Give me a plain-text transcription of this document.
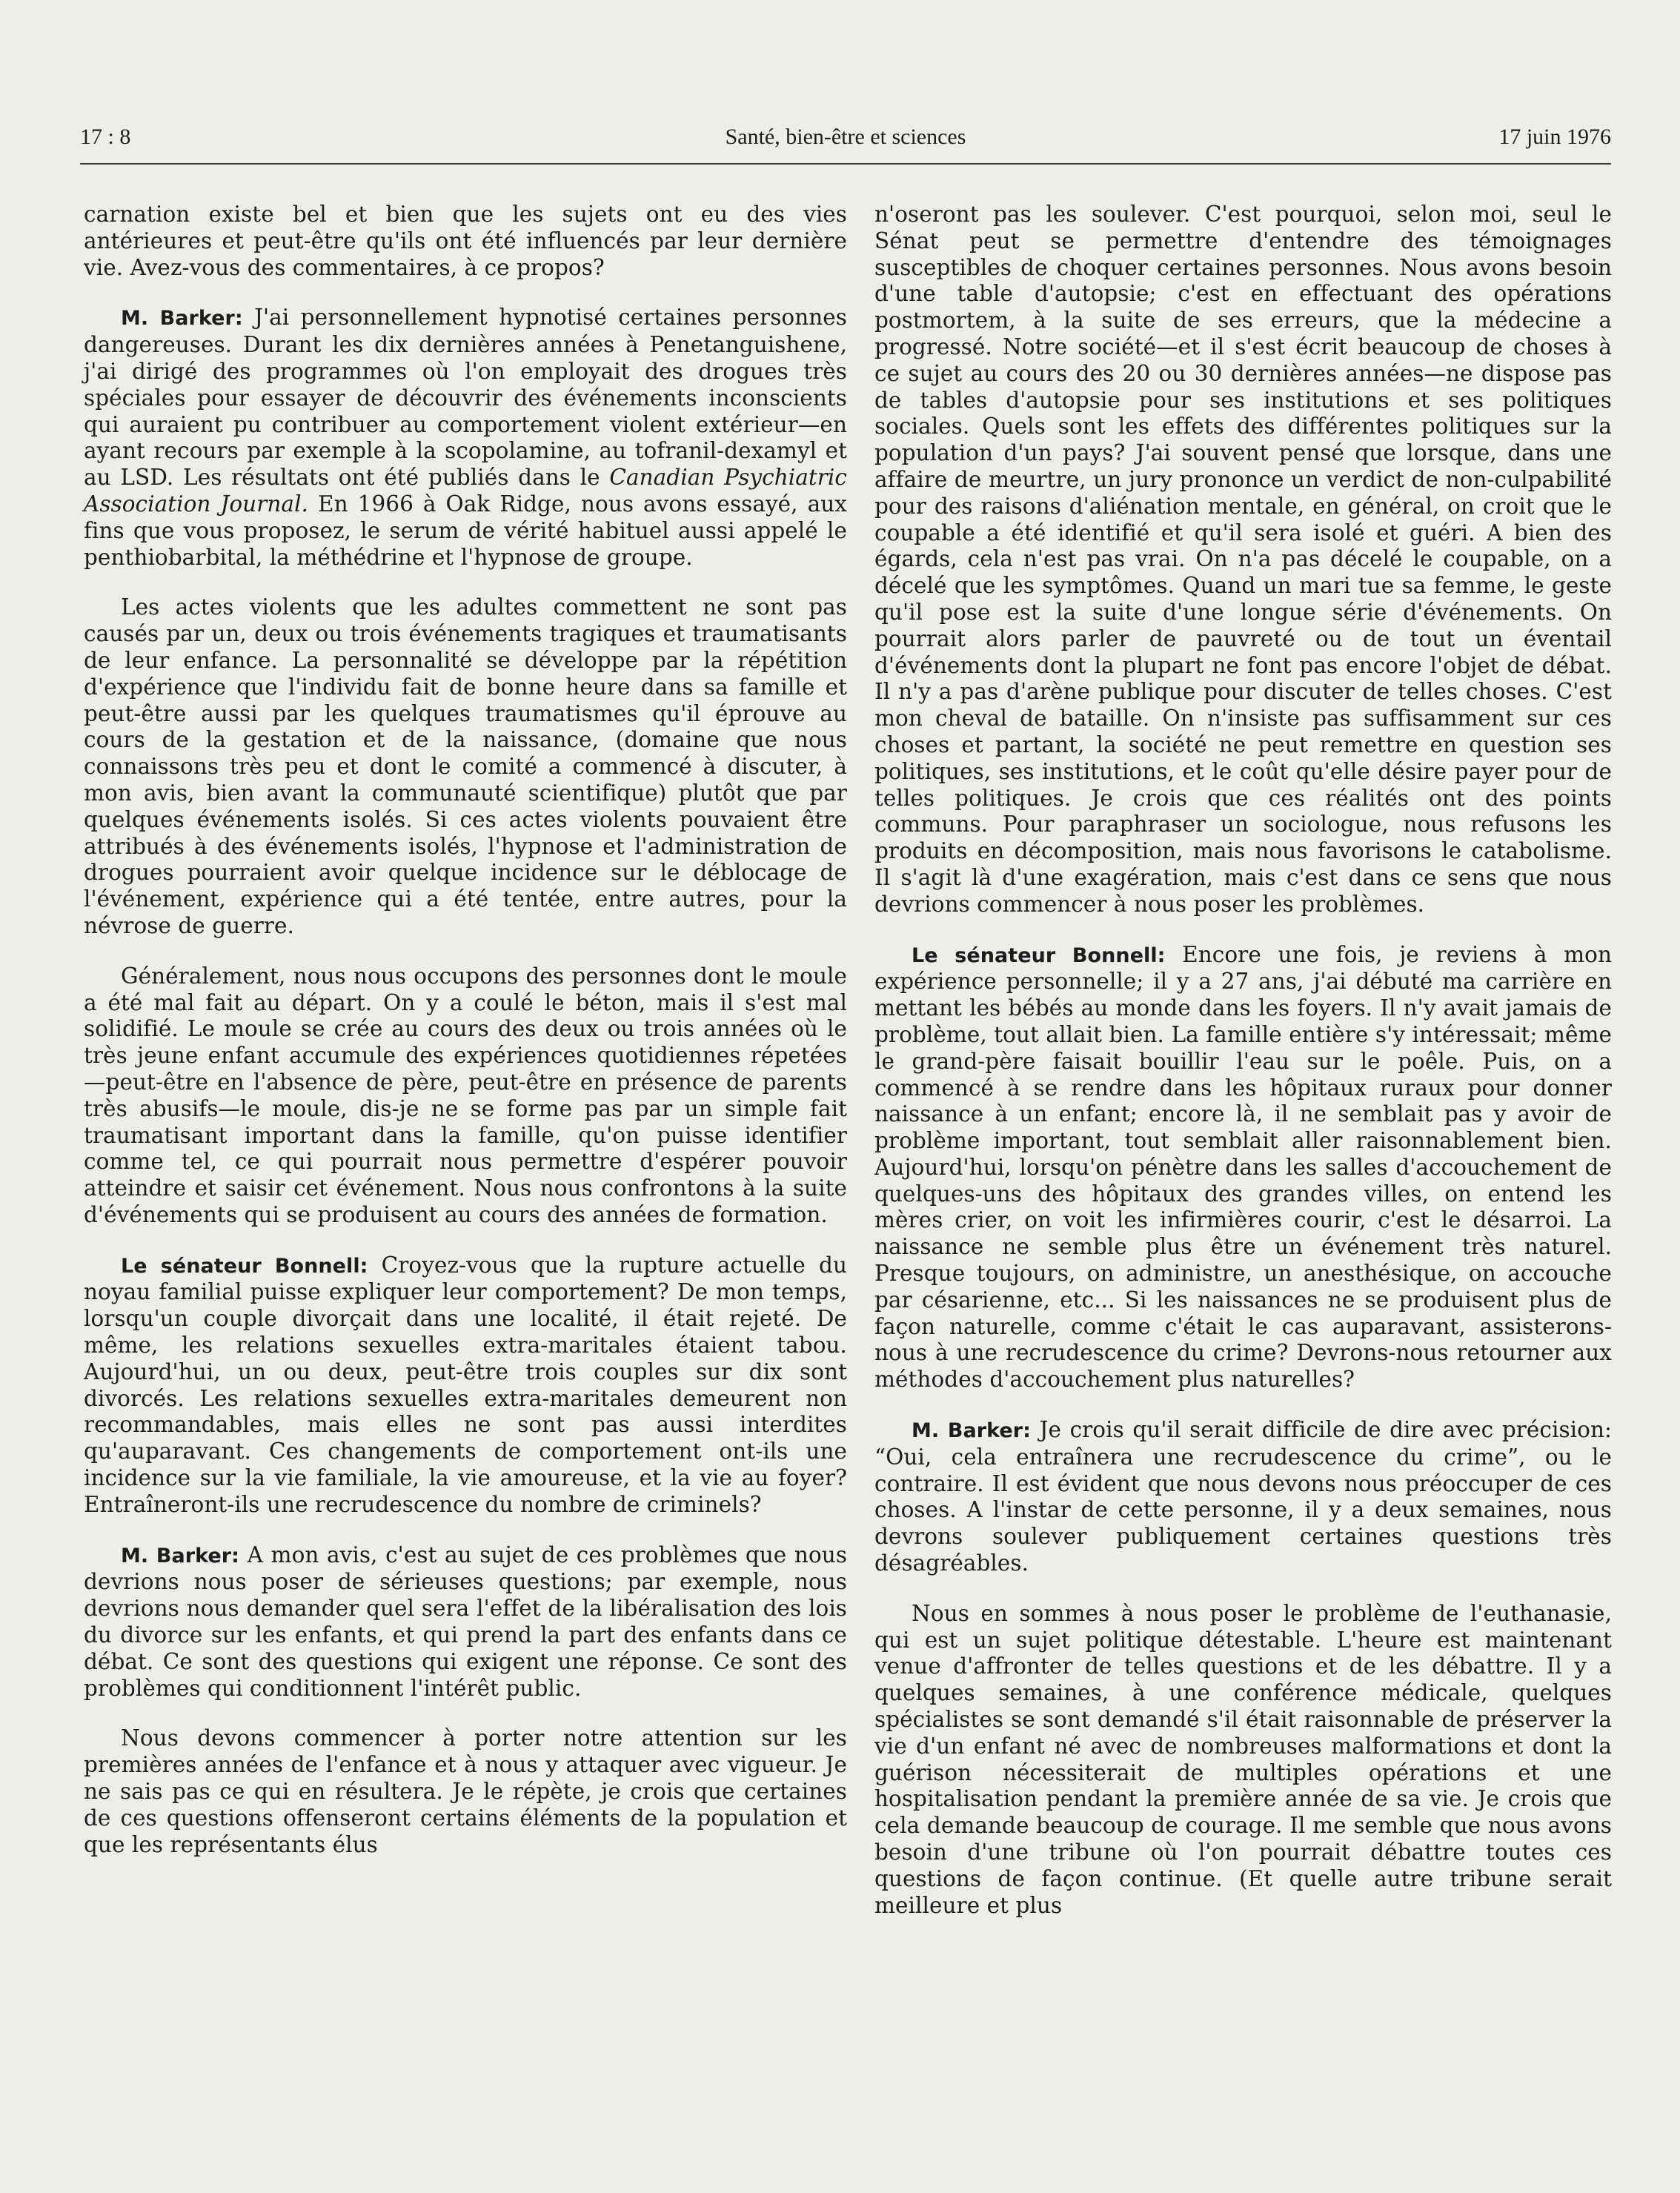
17 : 8	Santé, bien-être et sciences	17 juin 1976

carnation existe bel et bien que les sujets ont eu des vies antérieures et peut-être qu'ils ont été influencés par leur dernière vie. Avez-vous des commentaires, à ce propos?

M. Barker: J'ai personnellement hypnotisé certaines personnes dangereuses. Durant les dix dernières années à Penetanguishene, j'ai dirigé des programmes où l'on employait des drogues très spéciales pour essayer de découvrir des événements inconscients qui auraient pu contribuer au comportement violent extérieur—en ayant recours par exemple à la scopolamine, au tofranil-dexamyl et au LSD. Les résultats ont été publiés dans le Canadian Psychiatric Association Journal. En 1966 à Oak Ridge, nous avons essayé, aux fins que vous proposez, le serum de vérité habituel aussi appelé le penthiobarbital, la méthédrine et l'hypnose de groupe.

Les actes violents que les adultes commettent ne sont pas causés par un, deux ou trois événements tragiques et traumatisants de leur enfance. La personnalité se développe par la répétition d'expérience que l'individu fait de bonne heure dans sa famille et peut-être aussi par les quelques traumatismes qu'il éprouve au cours de la gestation et de la naissance, (domaine que nous connaissons très peu et dont le comité a commencé à discuter, à mon avis, bien avant la communauté scientifique) plutôt que par quelques événements isolés. Si ces actes violents pouvaient être attribués à des événements isolés, l'hypnose et l'administration de drogues pourraient avoir quelque incidence sur le déblocage de l'événement, expérience qui a été tentée, entre autres, pour la névrose de guerre.

Généralement, nous nous occupons des personnes dont le moule a été mal fait au départ. On y a coulé le béton, mais il s'est mal solidifié. Le moule se crée au cours des deux ou trois années où le très jeune enfant accumule des expériences quotidiennes répetées—peut-être en l'absence de père, peut-être en présence de parents très abusifs—le moule, dis-je ne se forme pas par un simple fait traumatisant important dans la famille, qu'on puisse identifier comme tel, ce qui pourrait nous permettre d'espérer pouvoir atteindre et saisir cet événement. Nous nous confrontons à la suite d'événements qui se produisent au cours des années de formation.

Le sénateur Bonnell: Croyez-vous que la rupture actuelle du noyau familial puisse expliquer leur comportement? De mon temps, lorsqu'un couple divorçait dans une localité, il était rejeté. De même, les relations sexuelles extra-maritales étaient tabou. Aujourd'hui, un ou deux, peut-être trois couples sur dix sont divorcés. Les relations sexuelles extra-maritales demeurent non recommandables, mais elles ne sont pas aussi interdites qu'auparavant. Ces changements de comportement ont-ils une incidence sur la vie familiale, la vie amoureuse, et la vie au foyer? Entraîneront-ils une recrudescence du nombre de criminels?

M. Barker: A mon avis, c'est au sujet de ces problèmes que nous devrions nous poser de sérieuses questions; par exemple, nous devrions nous demander quel sera l'effet de la libéralisation des lois du divorce sur les enfants, et qui prend la part des enfants dans ce débat. Ce sont des questions qui exigent une réponse. Ce sont des problèmes qui conditionnent l'intérêt public.

Nous devons commencer à porter notre attention sur les premières années de l'enfance et à nous y attaquer avec vigueur. Je ne sais pas ce qui en résultera. Je le répète, je crois que certaines de ces questions offenseront certains éléments de la population et que les représentants élus

n'oseront pas les soulever. C'est pourquoi, selon moi, seul le Sénat peut se permettre d'entendre des témoignages susceptibles de choquer certaines personnes. Nous avons besoin d'une table d'autopsie; c'est en effectuant des opérations postmortem, à la suite de ses erreurs, que la médecine a progressé. Notre société—et il s'est écrit beaucoup de choses à ce sujet au cours des 20 ou 30 dernières années—ne dispose pas de tables d'autopsie pour ses institutions et ses politiques sociales. Quels sont les effets des différentes politiques sur la population d'un pays? J'ai souvent pensé que lorsque, dans une affaire de meurtre, un jury prononce un verdict de non-culpabilité pour des raisons d'aliénation mentale, en général, on croit que le coupable a été identifié et qu'il sera isolé et guéri. A bien des égards, cela n'est pas vrai. On n'a pas décelé le coupable, on a décelé que les symptômes. Quand un mari tue sa femme, le geste qu'il pose est la suite d'une longue série d'événements. On pourrait alors parler de pauvreté ou de tout un éventail d'événements dont la plupart ne font pas encore l'objet de débat. Il n'y a pas d'arène publique pour discuter de telles choses. C'est mon cheval de bataille. On n'insiste pas suffisamment sur ces choses et partant, la société ne peut remettre en question ses politiques, ses institutions, et le coût qu'elle désire payer pour de telles politiques. Je crois que ces réalités ont des points communs. Pour paraphraser un sociologue, nous refusons les produits en décomposition, mais nous favorisons le catabolisme. Il s'agit là d'une exagération, mais c'est dans ce sens que nous devrions commencer à nous poser les problèmes.

Le sénateur Bonnell: Encore une fois, je reviens à mon expérience personnelle; il y a 27 ans, j'ai débuté ma carrière en mettant les bébés au monde dans les foyers. Il n'y avait jamais de problème, tout allait bien. La famille entière s'y intéressait; même le grand-père faisait bouillir l'eau sur le poêle. Puis, on a commencé à se rendre dans les hôpitaux ruraux pour donner naissance à un enfant; encore là, il ne semblait pas y avoir de problème important, tout semblait aller raisonnablement bien. Aujourd'hui, lorsqu'on pénètre dans les salles d'accouchement de quelques-uns des hôpitaux des grandes villes, on entend les mères crier, on voit les infirmières courir, c'est le désarroi. La naissance ne semble plus être un événement très naturel. Presque toujours, on administre, un anesthésique, on accouche par césarienne, etc... Si les naissances ne se produisent plus de façon naturelle, comme c'était le cas auparavant, assisterons-nous à une recrudescence du crime? Devrons-nous retourner aux méthodes d'accouchement plus naturelles?

M. Barker: Je crois qu'il serait difficile de dire avec précision: “Oui, cela entraînera une recrudescence du crime”, ou le contraire. Il est évident que nous devons nous préoccuper de ces choses. A l'instar de cette personne, il y a deux semaines, nous devrons soulever publiquement certaines questions très désagréables.

Nous en sommes à nous poser le problème de l'euthanasie, qui est un sujet politique détestable. L'heure est maintenant venue d'affronter de telles questions et de les débattre. Il y a quelques semaines, à une conférence médicale, quelques spécialistes se sont demandé s'il était raisonnable de préserver la vie d'un enfant né avec de nombreuses malformations et dont la guérison nécessiterait de multiples opérations et une hospitalisation pendant la première année de sa vie. Je crois que cela demande beaucoup de courage. Il me semble que nous avons besoin d'une tribune où l'on pourrait débattre toutes ces questions de façon continue. (Et quelle autre tribune serait meilleure et plus
